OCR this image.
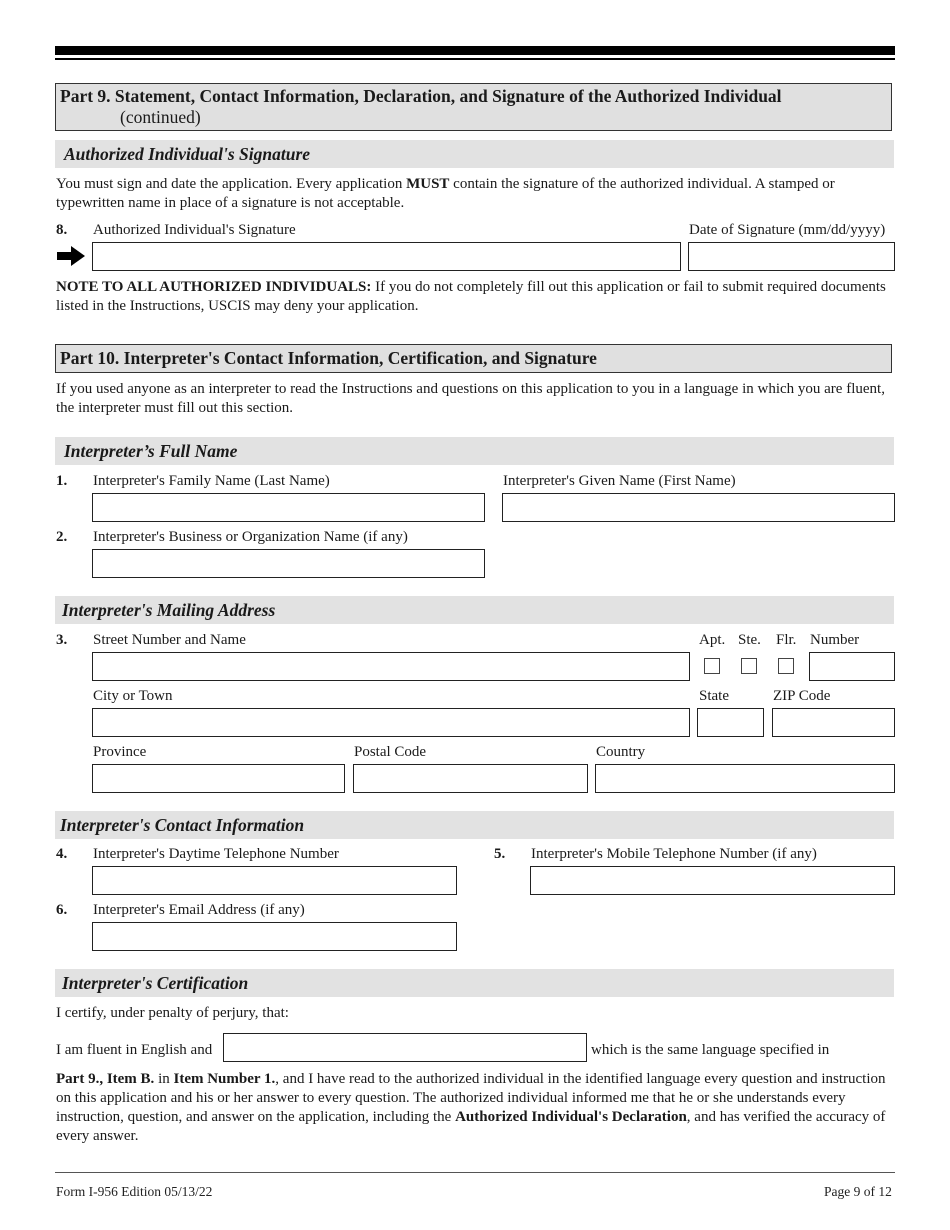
Part 9. Statement, Contact Information, Declaration, and Signature of the Authorized Individual
(continued)
Authorized Individual's Signature
You must sign and date the application. Every application MUST contain the signature of the authorized individual. A stamped or typewritten name in place of a signature is not acceptable.
8. Authorized Individual's Signature	Date of Signature (mm/dd/yyyy)
NOTE TO ALL AUTHORIZED INDIVIDUALS: If you do not completely fill out this application or fail to submit required documents listed in the Instructions, USCIS may deny your application.
Part 10. Interpreter's Contact Information, Certification, and Signature
If you used anyone as an interpreter to read the Instructions and questions on this application to you in a language in which you are fluent, the interpreter must fill out this section.
Interpreter’s Full Name
1. Interpreter's Family Name (Last Name)	Interpreter's Given Name (First Name)
2. Interpreter's Business or Organization Name (if any)
Interpreter's Mailing Address
3. Street Number and Name	Apt. Ste. Flr. Number
City or Town	State	ZIP Code
Province	Postal Code	Country
Interpreter's Contact Information
4. Interpreter's Daytime Telephone Number	5. Interpreter's Mobile Telephone Number (if any)
6. Interpreter's Email Address (if any)
Interpreter's Certification
I certify, under penalty of perjury, that:
I am fluent in English and	which is the same language specified in
Part 9., Item B. in Item Number 1., and I have read to the authorized individual in the identified language every question and instruction on this application and his or her answer to every question. The authorized individual informed me that he or she understands every instruction, question, and answer on the application, including the Authorized Individual's Declaration, and has verified the accuracy of every answer.
Form I-956 Edition 05/13/22	Page 9 of 12
